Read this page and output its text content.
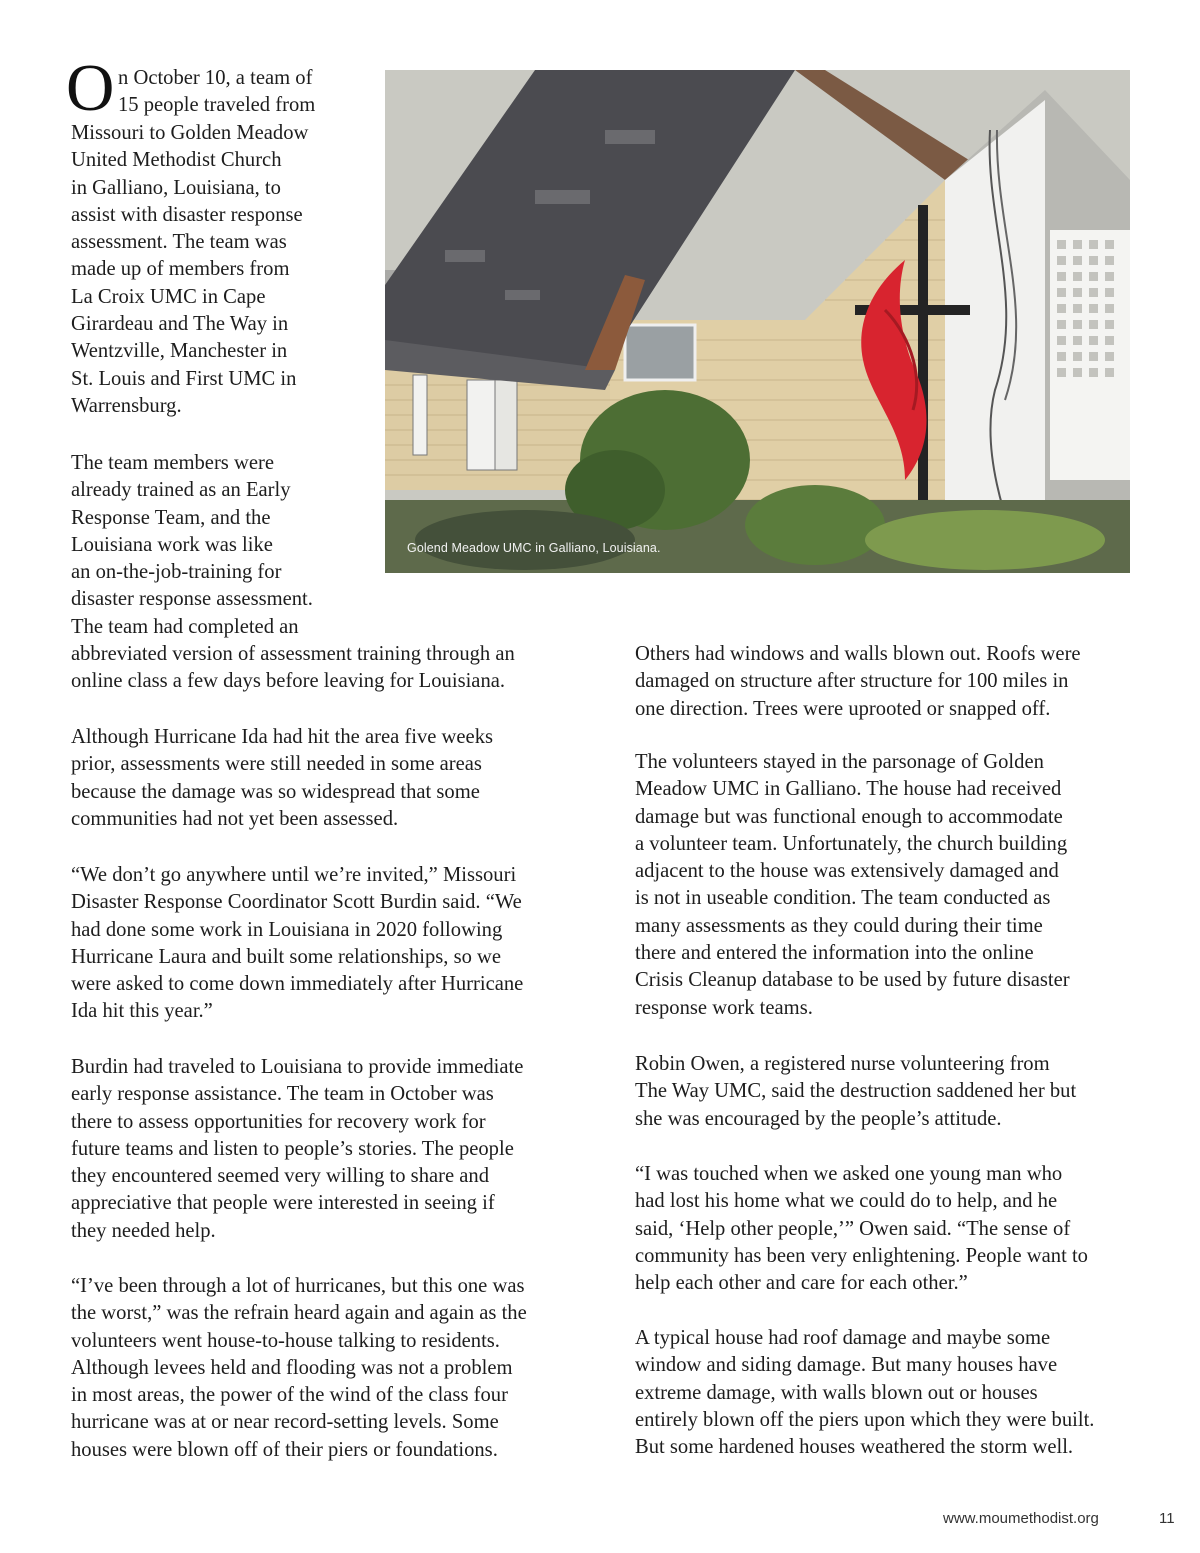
O n October 10, a team of
15 people traveled from

Missouri to Golden Meadow
United Methodist Church
in Galliano, Louisiana, to
assist with disaster response
assessment. The team was
made up of members from
La Croix UMC in Cape
Girardeau and The Way in
Wentzville, Manchester in
St. Louis and First UMC in
Warrensburg.

Golend Meadow UMC in Galliano, Louisiana.

The team members were
already trained as an Early
Response Team, and the
Louisiana work was like
an on-the-job-training for
disaster response assessment.
The team had completed an
abbreviated version of assessment training through an
online class a few days before leaving for Louisiana.

Although Hurricane Ida had hit the area five weeks
prior, assessments were still needed in some areas
because the damage was so widespread that some
communities had not yet been assessed.

“We don’t go anywhere until we’re invited,” Missouri
Disaster Response Coordinator Scott Burdin said. “We
had done some work in Louisiana in 2020 following
Hurricane Laura and built some relationships, so we
were asked to come down immediately after Hurricane
Ida hit this year.”

Burdin had traveled to Louisiana to provide immediate
early response assistance. The team in October was
there to assess opportunities for recovery work for
future teams and listen to people’s stories. The people
they encountered seemed very willing to share and
appreciative that people were interested in seeing if
they needed help.

“I’ve been through a lot of hurricanes, but this one was
the worst,” was the refrain heard again and again as the
volunteers went house-to-house talking to residents.
Although levees held and flooding was not a problem
in most areas, the power of the wind of the class four
hurricane was at or near record-setting levels. Some
houses were blown off of their piers or foundations.

Others had windows and walls blown out. Roofs were
damaged on structure after structure for 100 miles in
one direction. Trees were uprooted or snapped off.

The volunteers stayed in the parsonage of Golden
Meadow UMC in Galliano. The house had received
damage but was functional enough to accommodate
a volunteer team. Unfortunately, the church building
adjacent to the house was extensively damaged and
is not in useable condition. The team conducted as
many assessments as they could during their time
there and entered the information into the online
Crisis Cleanup database to be used by future disaster
response work teams.

Robin Owen, a registered nurse volunteering from
The Way UMC, said the destruction saddened her but
she was encouraged by the people’s attitude.

“I was touched when we asked one young man who
had lost his home what we could do to help, and he
said, ‘Help other people,’” Owen said. “The sense of
community has been very enlightening. People want to
help each other and care for each other.”

A typical house had roof damage and maybe some
window and siding damage. But many houses have
extreme damage, with walls blown out or houses
entirely blown off the piers upon which they were built.
But some hardened houses weathered the storm well.

www.moumethodist.org	11
